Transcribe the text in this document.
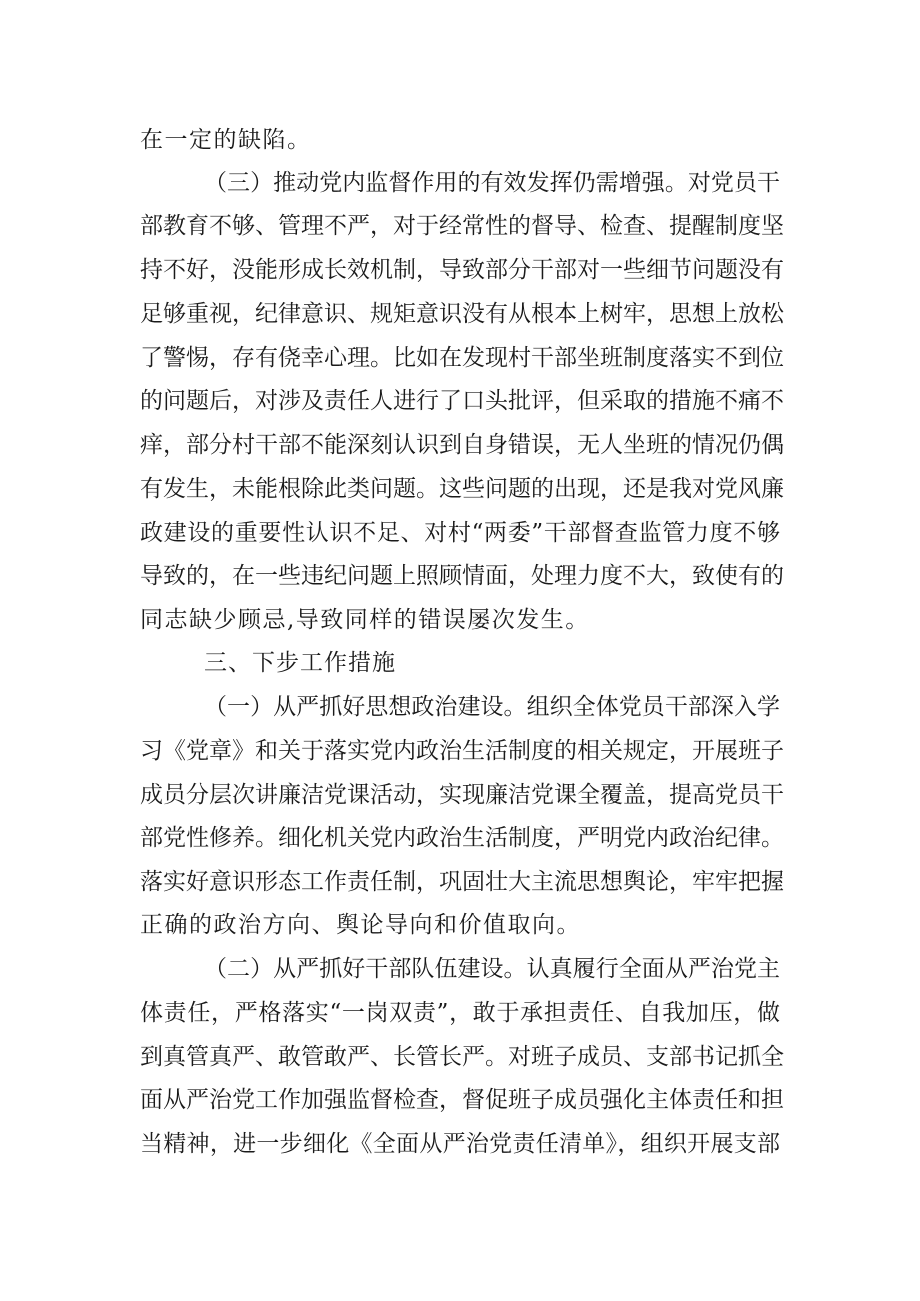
在一定的缺陷。
（三）推动党内监督作用的有效发挥仍需增强。对党员干
部教育不够、管理不严，对于经常性的督导、检查、提醒制度坚
持不好，没能形成长效机制，导致部分干部对一些细节问题没有
足够重视，纪律意识、规矩意识没有从根本上树牢，思想上放松
了警惕，存有侥幸心理。比如在发现村干部坐班制度落实不到位
的问题后，对涉及责任人进行了口头批评，但采取的措施不痛不
痒，部分村干部不能深刻认识到自身错误，无人坐班的情况仍偶
有发生，未能根除此类问题。这些问题的出现，还是我对党风廉
政建设的重要性认识不足、对村“两委”干部督查监管力度不够
导致的，在一些违纪问题上照顾情面，处理力度不大，致使有的
同志缺少顾忌,导致同样的错误屡次发生。
三、下步工作措施
（一）从严抓好思想政治建设。组织全体党员干部深入学
习《党章》和关于落实党内政治生活制度的相关规定，开展班子
成员分层次讲廉洁党课活动，实现廉洁党课全覆盖，提高党员干
部党性修养。细化机关党内政治生活制度，严明党内政治纪律。
落实好意识形态工作责任制，巩固壮大主流思想舆论，牢牢把握
正确的政治方向、舆论导向和价值取向。
（二）从严抓好干部队伍建设。认真履行全面从严治党主
体责任，严格落实“一岗双责”，敢于承担责任、自我加压，做
到真管真严、敢管敢严、长管长严。对班子成员、支部书记抓全
面从严治党工作加强监督检查，督促班子成员强化主体责任和担
当精神，进一步细化《全面从严治党责任清单》，组织开展支部
